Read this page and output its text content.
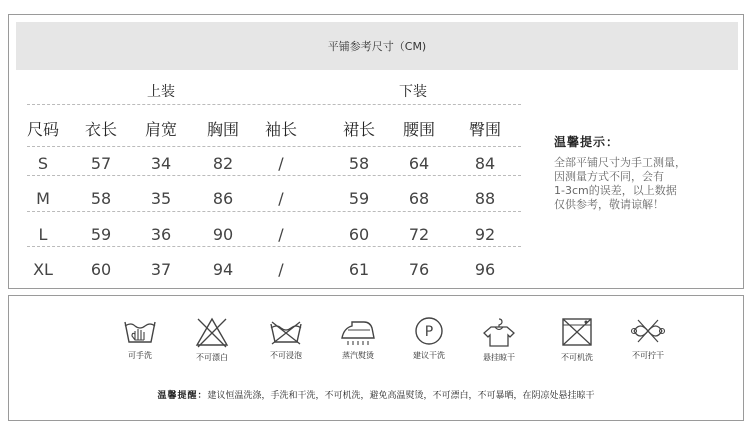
平铺参考尺寸（CM)
上装	下装
尺码	衣长	肩宽	胸围	袖长	裙长	腰围	臀围
S	57	34	82	/	58	64	84
M	58	35	86	/	59	68	88
L	59	36	90	/	60	72	92
XL	60	37	94	/	61	76	96
温馨提示：
全部平铺尺寸为手工测量，
因测量方式不同，会有
1-3cm的误差，以上数据
仅供参考，敬请谅解！
可手洗	不可漂白	不可浸泡	蒸汽熨烫
P
建议干洗	悬挂晾干	不可机洗	不可拧干
温馨提醒：建议恒温洗涤，手洗和干洗，不可机洗，避免高温熨烫，不可漂白，不可暴晒，在阴凉处悬挂晾干
